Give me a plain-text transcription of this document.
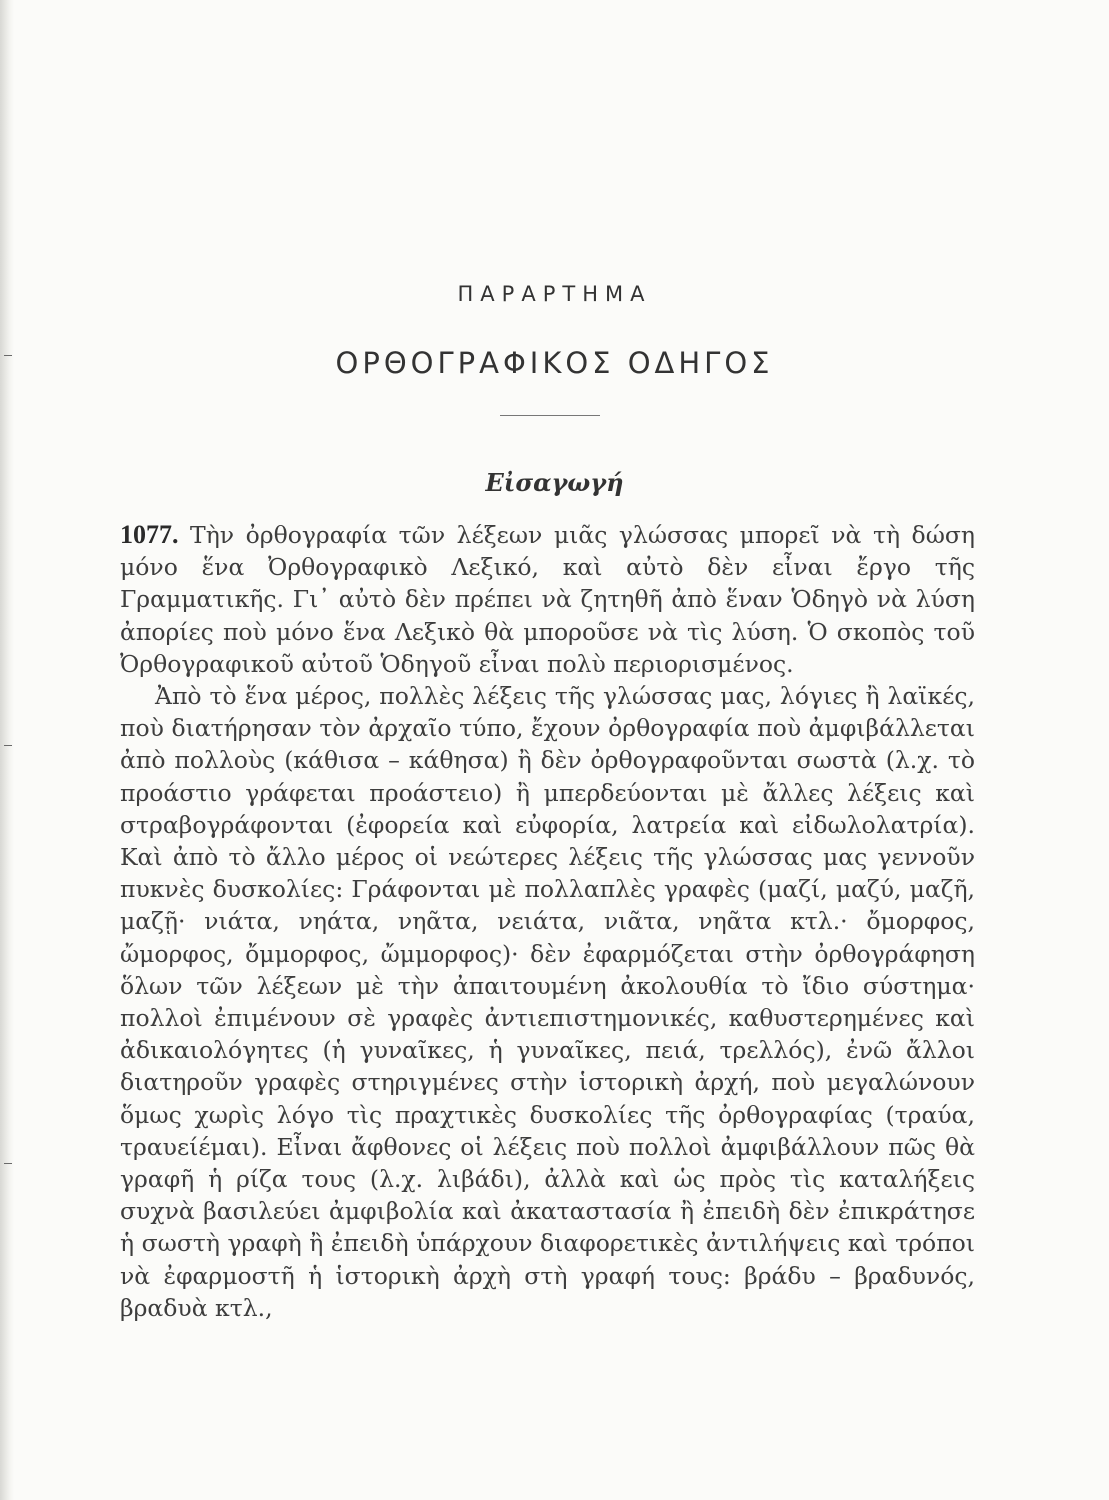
ΠΑΡΑΡΤΗΜΑ
ΟΡΘΟΓΡΑΦΙΚΟΣ ΟΔΗΓΟΣ
Εἰσαγωγή

1077. Τὴν ὀρθογραφία τῶν λέξεων μιᾶς γλώσσας μπορεῖ νὰ τὴ δώση μόνο ἕνα Ὀρθογραφικὸ Λεξικό, καὶ αὐτὸ δὲν εἶναι ἔργο τῆς Γραμματικῆς. Γι᾽ αὐτὸ δὲν πρέπει νὰ ζητηθῆ ἀπὸ ἕναν Ὁδηγὸ νὰ λύση ἀπορίες ποὺ μόνο ἕνα Λεξικὸ θὰ μποροῦσε νὰ τὶς λύση. Ὁ σκοπὸς τοῦ Ὀρθογραφικοῦ αὐτοῦ Ὁδηγοῦ εἶναι πολὺ περιορισμένος.

Ἀπὸ τὸ ἕνα μέρος, πολλὲς λέξεις τῆς γλώσσας μας, λόγιες ἢ λαϊκές, ποὺ διατήρησαν τὸν ἀρχαῖο τύπο, ἔχουν ὀρθογραφία ποὺ ἀμφιβάλλεται ἀπὸ πολλοὺς (κάθισα – κάθησα) ἢ δὲν ὀρθογραφοῦνται σωστὰ (λ.χ. τὸ προάστιο γράφεται προάστειο) ἢ μπερδεύονται μὲ ἄλλες λέξεις καὶ στραβογράφονται (ἐφορεία καὶ εὐφορία, λατρεία καὶ εἰδωλολατρία). Καὶ ἀπὸ τὸ ἄλλο μέρος οἱ νεώτερες λέξεις τῆς γλώσσας μας γεννοῦν πυκνὲς δυσκολίες: Γράφονται μὲ πολλαπλὲς γραφὲς (μαζί, μαζύ, μαζῆ, μαζῇ· νιάτα, νηάτα, νηᾶτα, νειάτα, νιᾶτα, νηᾶτα κτλ.· ὄμορφος, ὤμορφος, ὄμμορφος, ὤμμορφος)· δὲν ἐφαρμόζεται στὴν ὀρθογράφηση ὅλων τῶν λέξεων μὲ τὴν ἀπαιτουμένη ἀκολουθία τὸ ἴδιο σύστημα· πολλοὶ ἐπιμένουν σὲ γραφὲς ἀντιεπιστημονικές, καθυστερημένες καὶ ἀδικαιολόγητες (ἡ γυναῖκες, ἡ γυναῖκες, πειά, τρελλός), ἐνῶ ἄλλοι διατηροῦν γραφὲς στηριγμένες στὴν ἱστορικὴ ἀρχή, ποὺ μεγαλώνουν ὅμως χωρὶς λόγο τὶς πραχτικὲς δυσκολίες τῆς ὀρθογραφίας (τραύα, τραυείέμαι). Εἶναι ἄφθονες οἱ λέξεις ποὺ πολλοὶ ἀμφιβάλλουν πῶς θὰ γραφῆ ἡ ρίζα τους (λ.χ. λιβάδι), ἀλλὰ καὶ ὡς πρὸς τὶς καταλήξεις συχνὰ βασιλεύει ἀμφιβολία καὶ ἀκαταστασία ἢ ἐπειδὴ δὲν ἐπικράτησε ἡ σωστὴ γραφὴ ἢ ἐπειδὴ ὑπάρχουν διαφορετικὲς ἀντιλήψεις καὶ τρόποι νὰ ἐφαρμοστῆ ἡ ἱστορικὴ ἀρχὴ στὴ γραφή τους: βράδυ – βραδυνός, βραδυὰ κτλ.,
